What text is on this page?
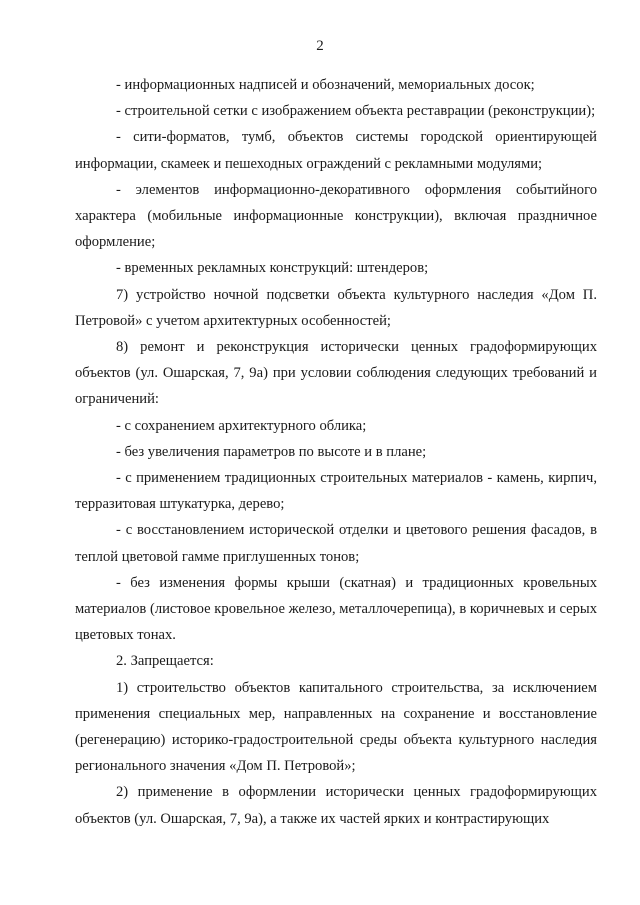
2

- информационных надписей и обозначений, мемориальных досок;

- строительной сетки с изображением объекта реставрации (реконструкции);

- сити-форматов, тумб, объектов системы городской ориентирующей информации, скамеек и пешеходных ограждений с рекламными модулями;

- элементов информационно-декоративного оформления событийного характера (мобильные информационные конструкции), включая праздничное оформление;

- временных рекламных конструкций: штендеров;

7) устройство ночной подсветки объекта культурного наследия «Дом П. Петровой» с учетом архитектурных особенностей;

8) ремонт и реконструкция исторически ценных градоформирующих объектов (ул. Ошарская, 7, 9а) при условии соблюдения следующих требований и ограничений:

- с сохранением архитектурного облика;

- без увеличения параметров по высоте и в плане;

- с применением традиционных строительных материалов - камень, кирпич, терразитовая штукатурка, дерево;

- с восстановлением исторической отделки и цветового решения фасадов, в теплой цветовой гамме приглушенных тонов;

- без изменения формы крыши (скатная) и традиционных кровельных материалов (листовое кровельное железо, металлочерепица), в коричневых и серых цветовых тонах.

2. Запрещается:

1) строительство объектов капитального строительства, за исключением применения специальных мер, направленных на сохранение и восстановление (регенерацию) историко-градостроительной среды объекта культурного наследия регионального значения «Дом П. Петровой»;

2) применение в оформлении исторически ценных градоформирующих объектов (ул. Ошарская, 7, 9а), а также их частей ярких и контрастирующих
